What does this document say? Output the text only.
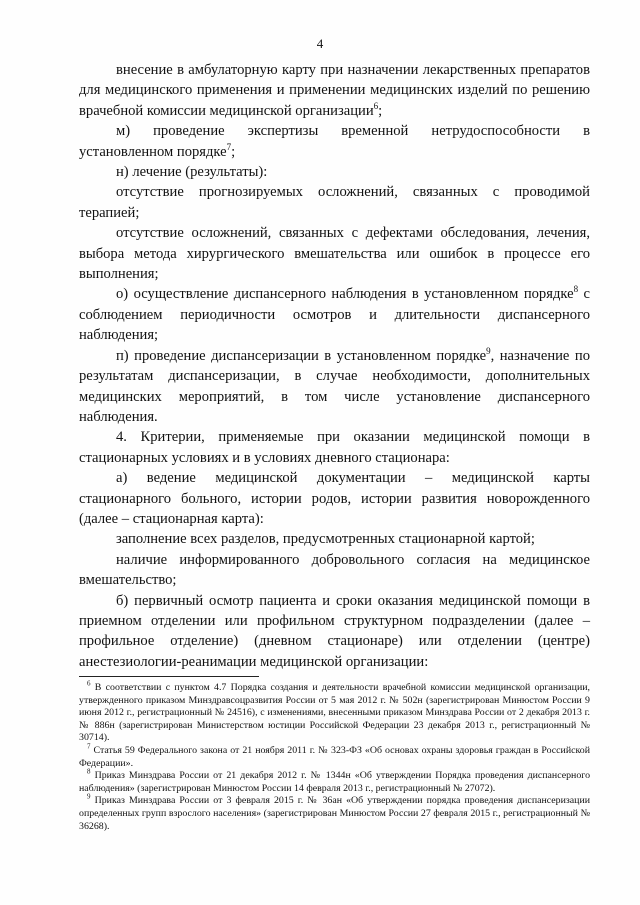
4

внесение в амбулаторную карту при назначении лекарственных препаратов для медицинского применения и применении медицинских изделий по решению врачебной комиссии медицинской организации$^6$;

м) проведение экспертизы временной нетрудоспособности в установленном порядке$^7$;

н) лечение (результаты):

отсутствие прогнозируемых осложнений, связанных с проводимой терапией;

отсутствие осложнений, связанных с дефектами обследования, лечения, выбора метода хирургического вмешательства или ошибок в процессе его выполнения;

о) осуществление диспансерного наблюдения в установленном порядке$^8$ с соблюдением периодичности осмотров и длительности диспансерного наблюдения;

п) проведение диспансеризации в установленном порядке$^9$, назначение по результатам диспансеризации, в случае необходимости, дополнительных медицинских мероприятий, в том числе установление диспансерного наблюдения.

4. Критерии, применяемые при оказании медицинской помощи в стационарных условиях и в условиях дневного стационара:

а) ведение медицинской документации – медицинской карты стационарного больного, истории родов, истории развития новорожденного (далее – стационарная карта):

заполнение всех разделов, предусмотренных стационарной картой;

наличие информированного добровольного согласия на медицинское вмешательство;

б) первичный осмотр пациента и сроки оказания медицинской помощи в приемном отделении или профильном структурном подразделении (далее – профильное отделение) (дневном стационаре) или отделении (центре) анестезиологии-реанимации медицинской организации:

$^6$ В соответствии с пунктом 4.7 Порядка создания и деятельности врачебной комиссии медицинской организации, утвержденного приказом Минздравсоцразвития России от 5 мая 2012 г. № 502н (зарегистрирован Минюстом России 9 июня 2012 г., регистрационный № 24516), с изменениями, внесенными приказом Минздрава России от 2 декабря 2013 г. № 886н (зарегистрирован Министерством юстиции Российской Федерации 23 декабря 2013 г., регистрационный № 30714).

$^7$ Статья 59 Федерального закона от 21 ноября 2011 г. № 323-ФЗ «Об основах охраны здоровья граждан в Российской Федерации».

$^8$ Приказ Минздрава России от 21 декабря 2012 г. № 1344н «Об утверждении Порядка проведения диспансерного наблюдения» (зарегистрирован Минюстом России 14 февраля 2013 г., регистрационный № 27072).

$^9$ Приказ Минздрава России от 3 февраля 2015 г. № 36ан «Об утверждении порядка проведения диспансеризации определенных групп взрослого населения» (зарегистрирован Минюстом России 27 февраля 2015 г., регистрационный № 36268).
